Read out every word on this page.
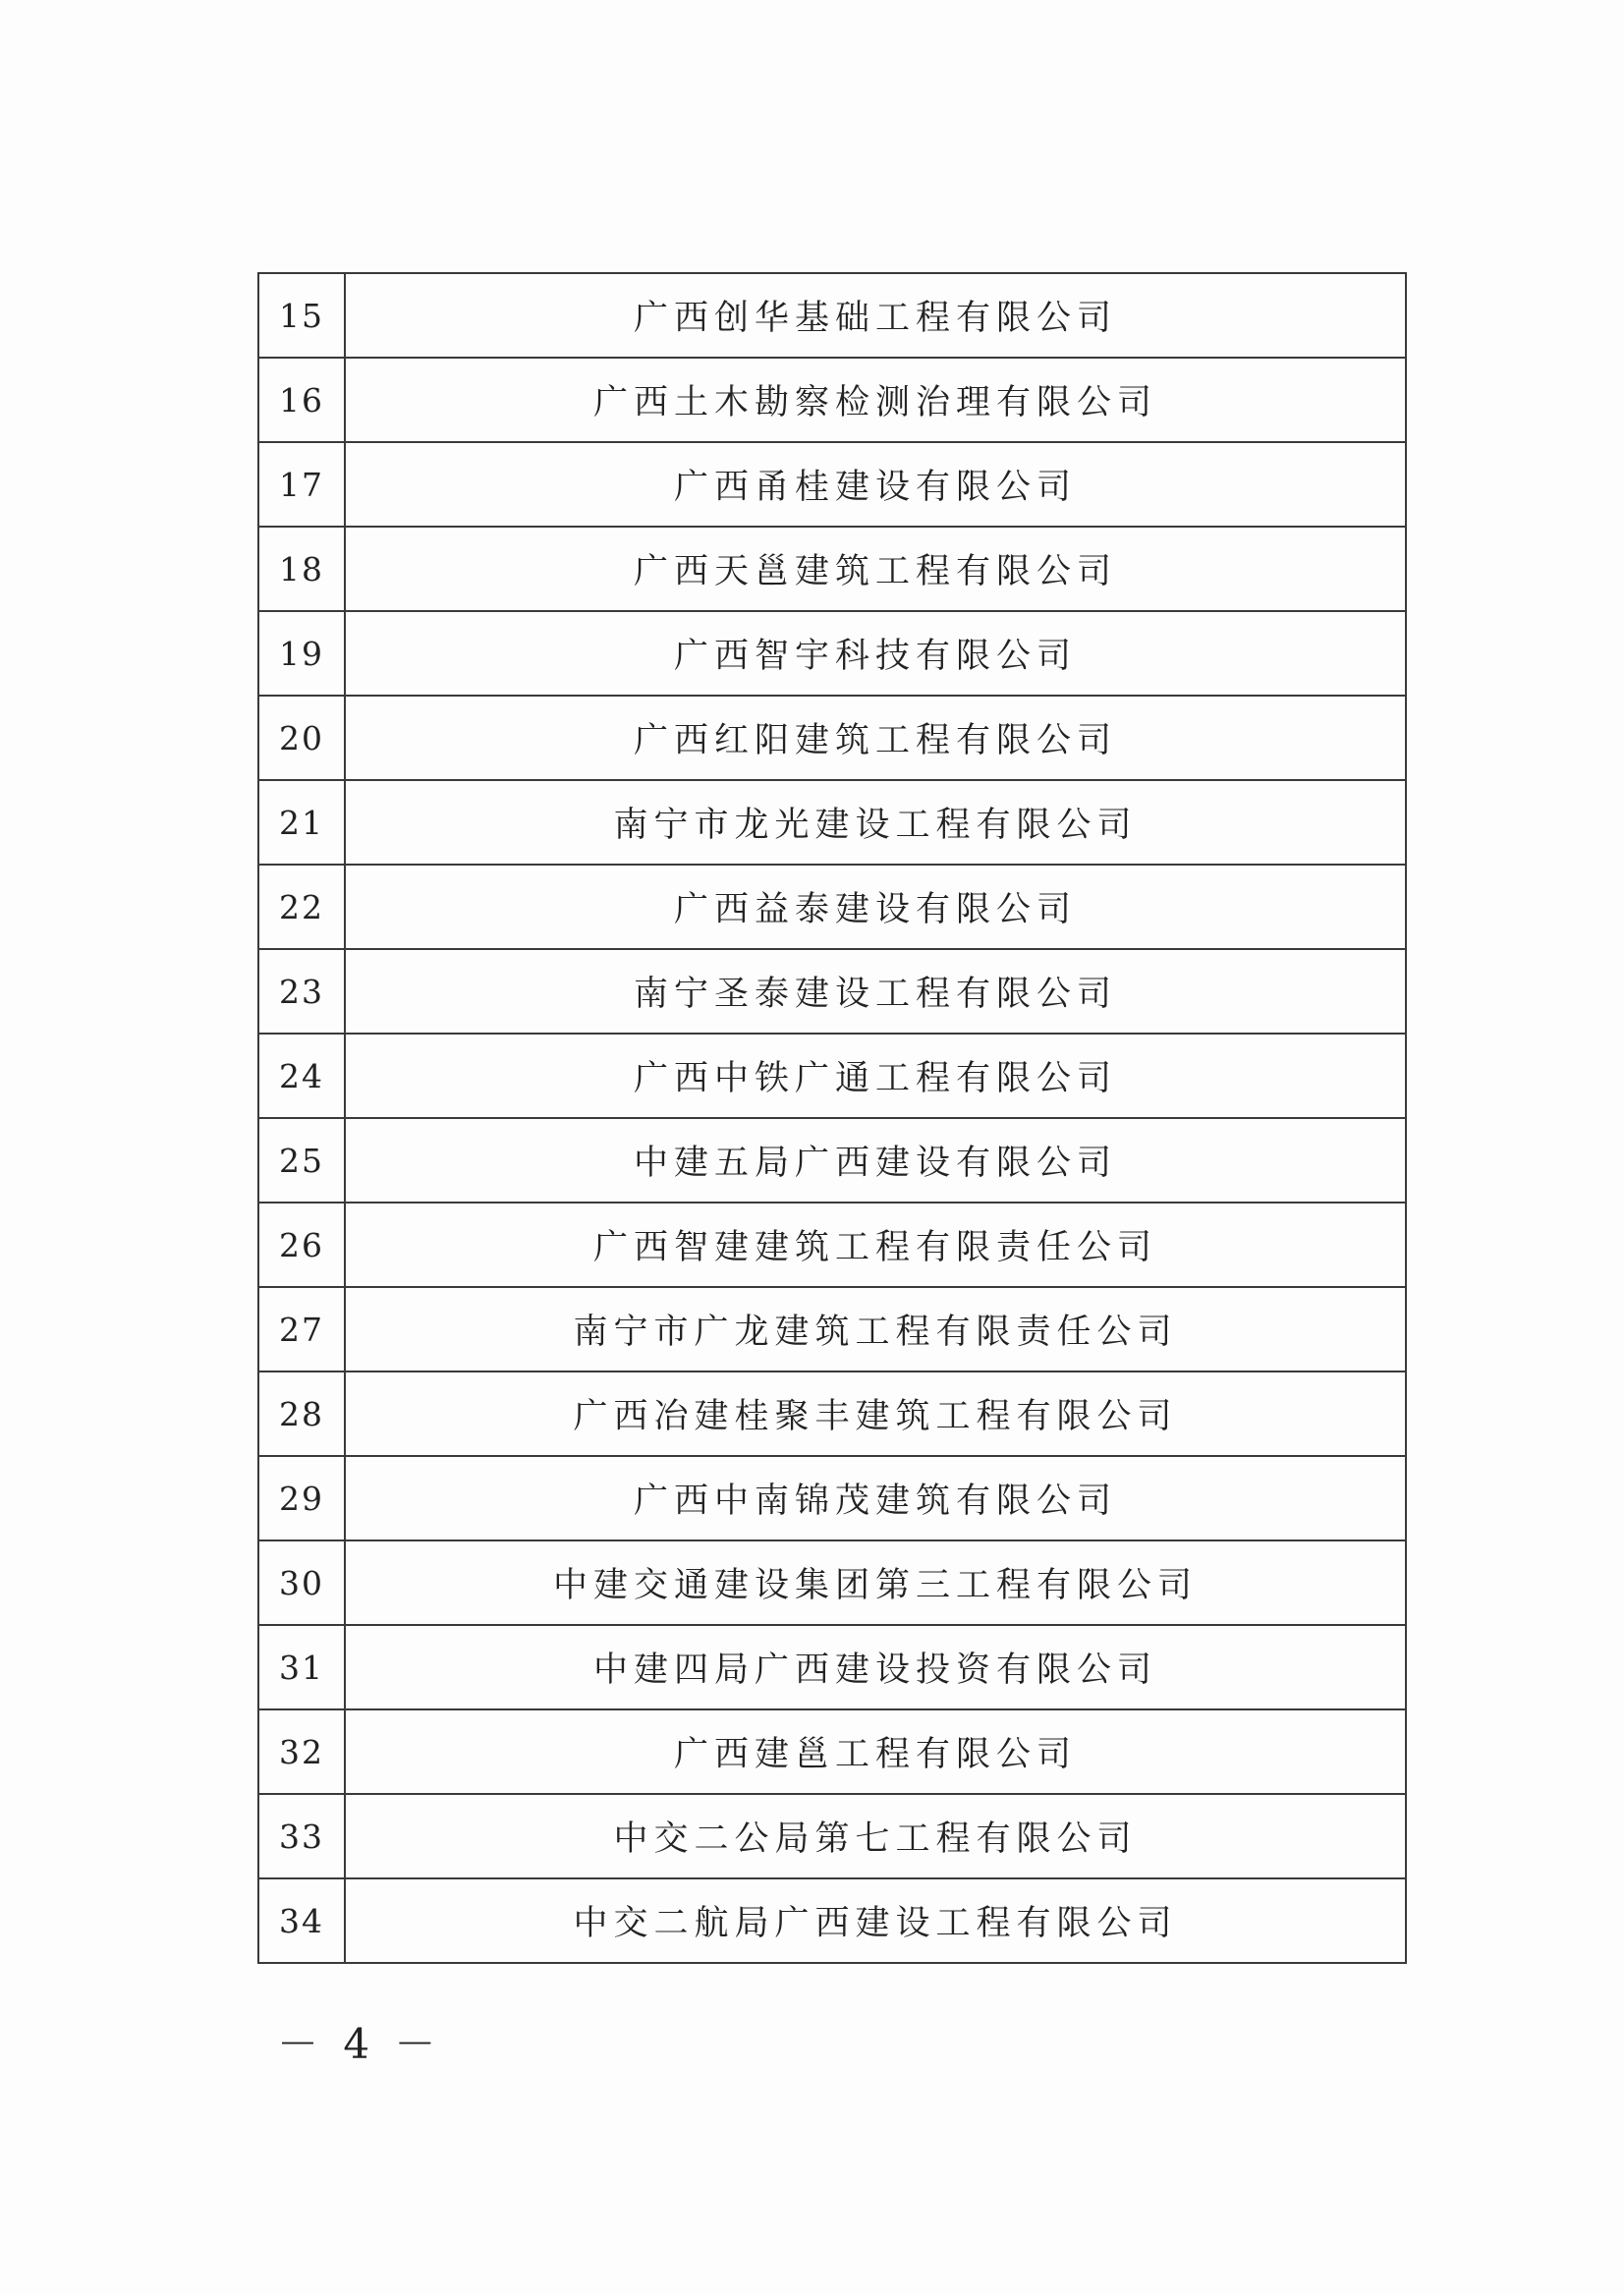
15	广西创华基础工程有限公司
16	广西土木勘察检测治理有限公司
17	广西甬桂建设有限公司
18	广西天邕建筑工程有限公司
19	广西智宇科技有限公司
20	广西红阳建筑工程有限公司
21	南宁市龙光建设工程有限公司
22	广西益泰建设有限公司
23	南宁圣泰建设工程有限公司
24	广西中铁广通工程有限公司
25	中建五局广西建设有限公司
26	广西智建建筑工程有限责任公司
27	南宁市广龙建筑工程有限责任公司
28	广西冶建桂聚丰建筑工程有限公司
29	广西中南锦茂建筑有限公司
30	中建交通建设集团第三工程有限公司
31	中建四局广西建设投资有限公司
32	广西建邕工程有限公司
33	中交二公局第七工程有限公司
34	中交二航局广西建设工程有限公司
－ 4 －
